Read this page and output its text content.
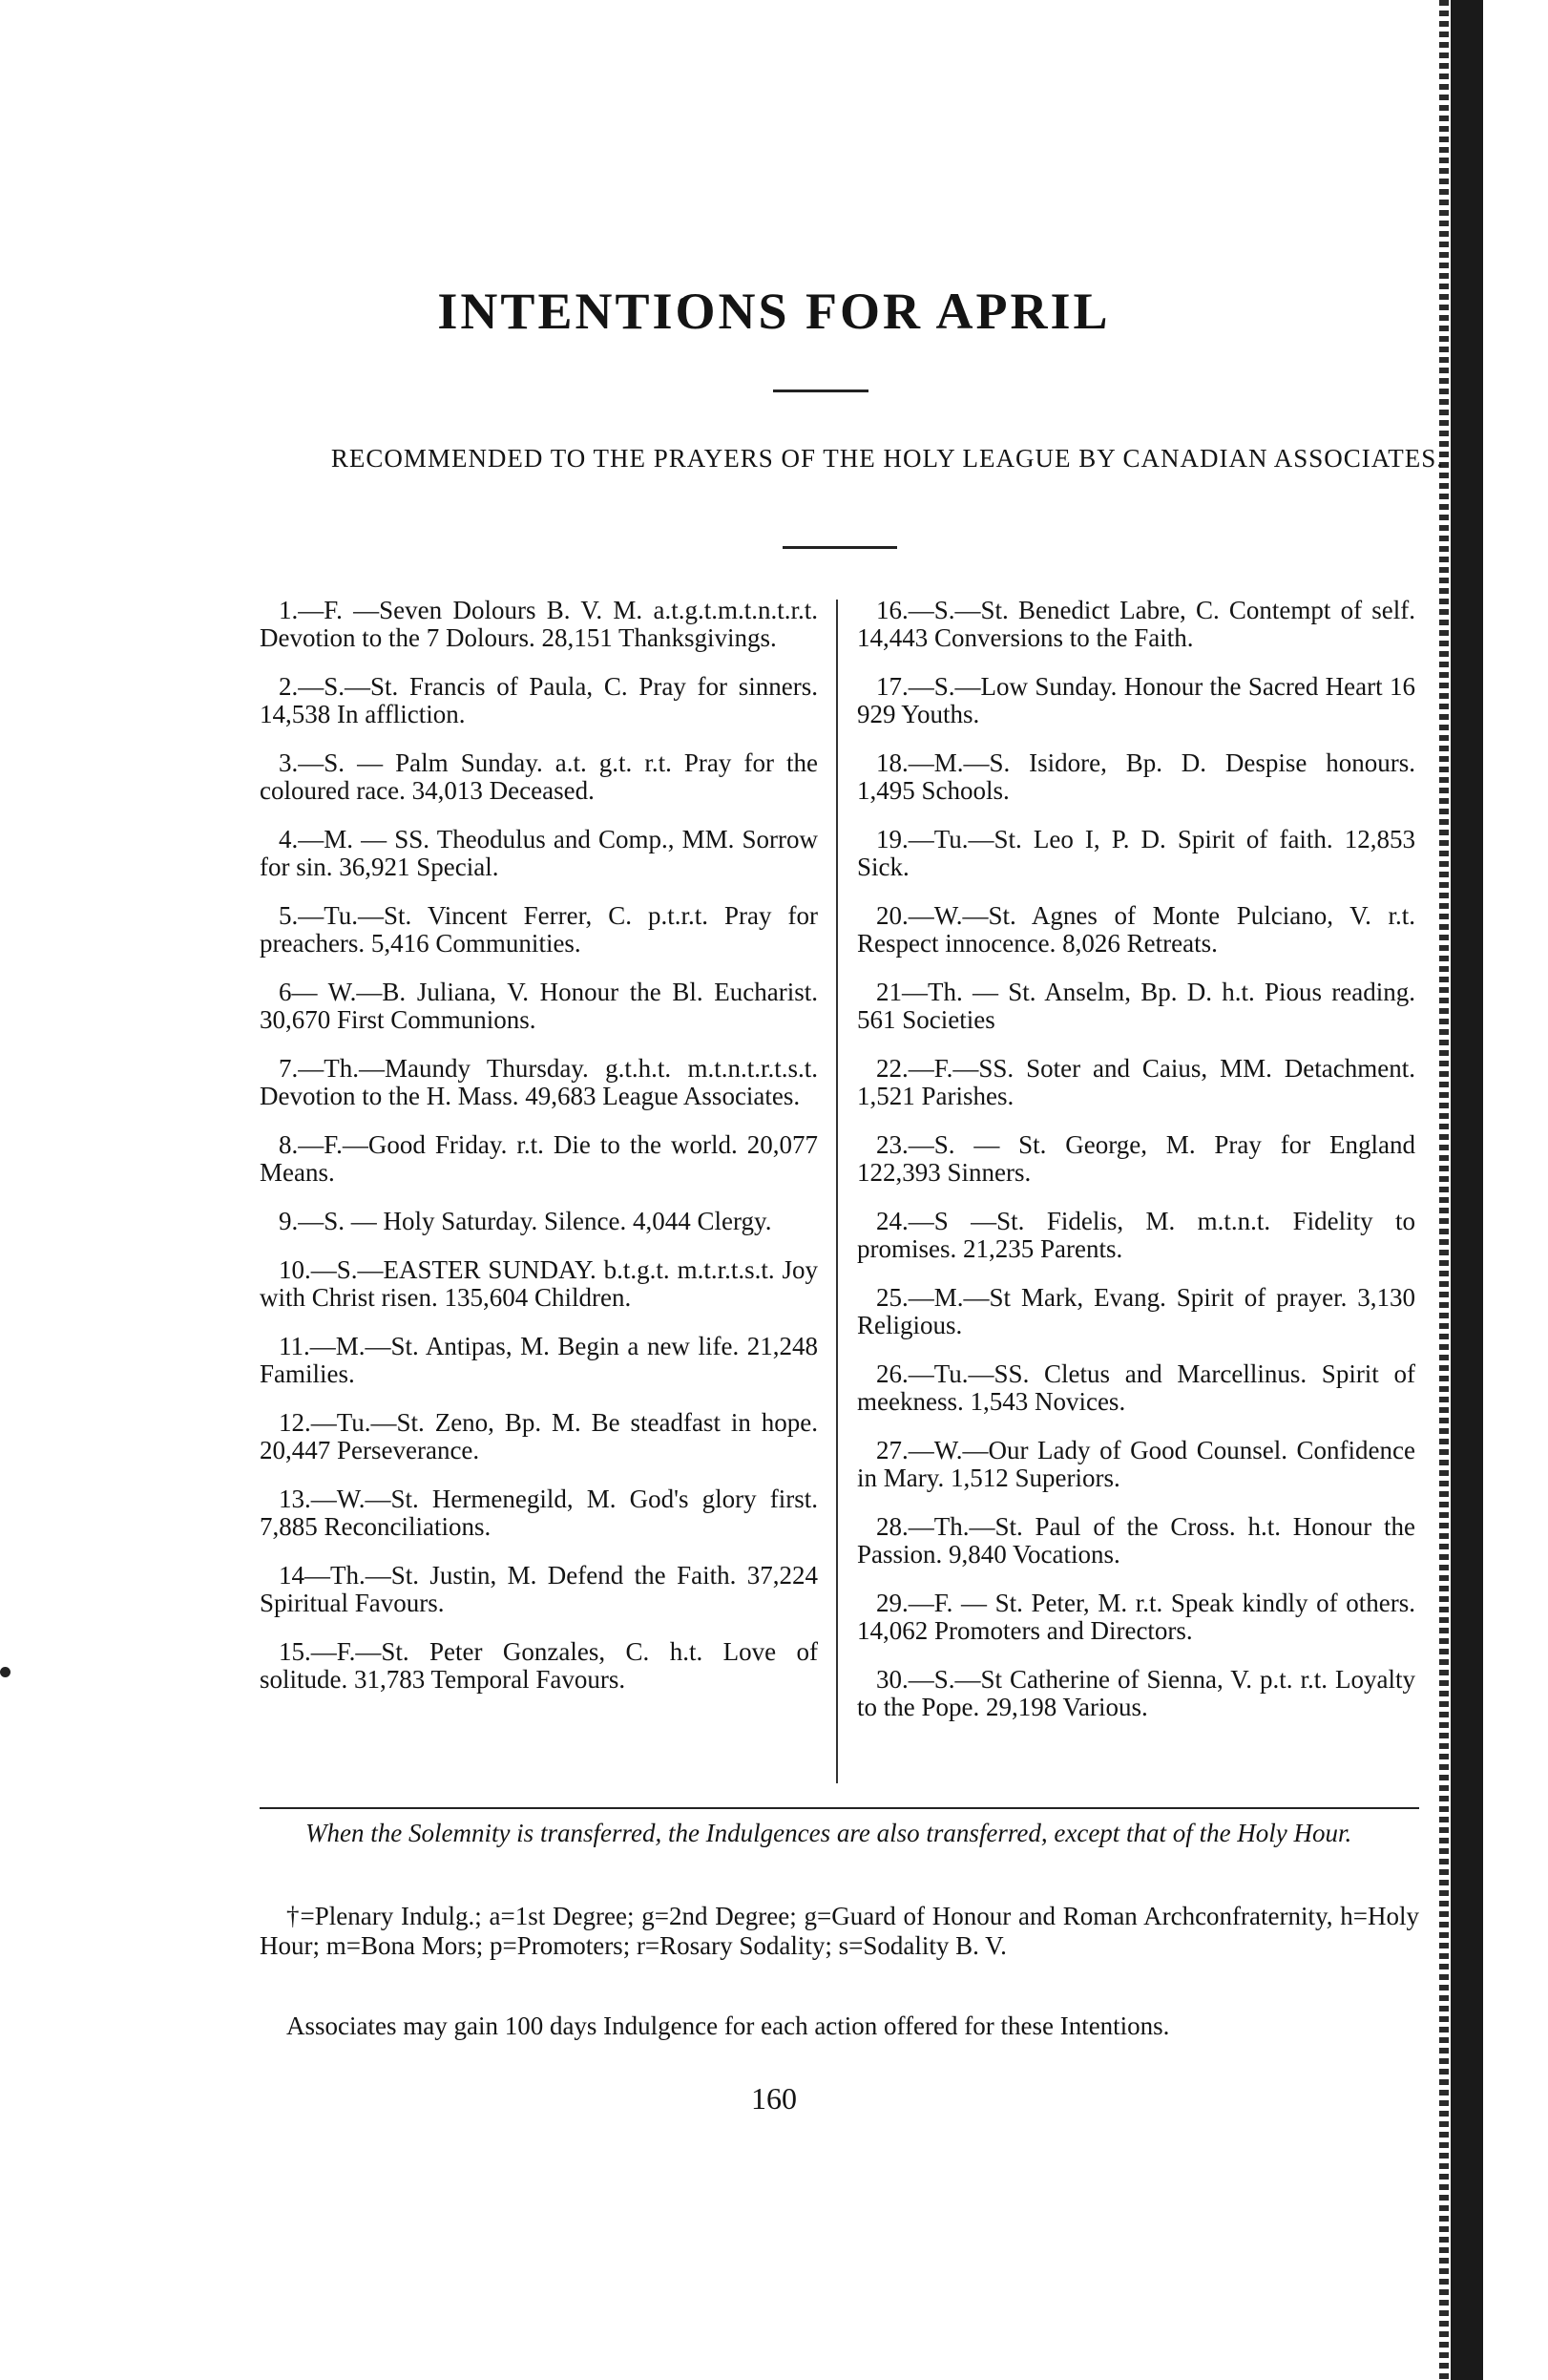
INTENTIONS FOR APRIL
RECOMMENDED TO THE PRAYERS OF THE HOLY LEAGUE BY CANADIAN ASSOCIATES.

1.—F. —Seven Dolours B. V. M. a.t.g.t.m.t.n.t.r.t. Devotion to the 7 Dolours. 28,151 Thanksgivings.

2.—S.—St. Francis of Paula, C. Pray for sinners. 14,538 In affliction.

3.—S. — Palm Sunday. a.t. g.t. r.t. Pray for the coloured race. 34,013 Deceased.

4.—M. — SS. Theodulus and Comp., MM. Sorrow for sin. 36,921 Special.

5.—Tu.—St. Vincent Ferrer, C. p.t.r.t. Pray for preachers. 5,416 Communities.

6— W.—B. Juliana, V. Honour the Bl. Eucharist. 30,670 First Communions.

7.—Th.—Maundy Thursday. g.t.h.t. m.t.n.t.r.t.s.t. Devotion to the H. Mass. 49,683 League Associates.

8.—F.—Good Friday. r.t. Die to the world. 20,077 Means.

9.—S. — Holy Saturday. Silence. 4,044 Clergy.

10.—S.—EASTER SUNDAY. b.t.g.t. m.t.r.t.s.t. Joy with Christ risen. 135,604 Children.

11.—M.—St. Antipas, M. Begin a new life. 21,248 Families.

12.—Tu.—St. Zeno, Bp. M. Be steadfast in hope. 20,447 Perseverance.

13.—W.—St. Hermenegild, M. God's glory first. 7,885 Reconciliations.

14—Th.—St. Justin, M. Defend the Faith. 37,224 Spiritual Favours.

15.—F.—St. Peter Gonzales, C. h.t. Love of solitude. 31,783 Temporal Favours.

16.—S.—St. Benedict Labre, C. Contempt of self. 14,443 Conversions to the Faith.

17.—S.—Low Sunday. Honour the Sacred Heart 16 929 Youths.

18.—M.—S. Isidore, Bp. D. Despise honours. 1,495 Schools.

19.—Tu.—St. Leo I, P. D. Spirit of faith. 12,853 Sick.

20.—W.—St. Agnes of Monte Pulciano, V. r.t. Respect innocence. 8,026 Retreats.

21—Th. — St. Anselm, Bp. D. h.t. Pious reading. 561 Societies

22.—F.—SS. Soter and Caius, MM. Detachment. 1,521 Parishes.

23.—S. — St. George, M. Pray for England 122,393 Sinners.

24.—S —St. Fidelis, M. m.t.n.t. Fidelity to promises. 21,235 Parents.

25.—M.—St Mark, Evang. Spirit of prayer. 3,130 Religious.

26.—Tu.—SS. Cletus and Marcellinus. Spirit of meekness. 1,543 Novices.

27.—W.—Our Lady of Good Counsel. Confidence in Mary. 1,512 Superiors.

28.—Th.—St. Paul of the Cross. h.t. Honour the Passion. 9,840 Vocations.

29.—F. — St. Peter, M. r.t. Speak kindly of others. 14,062 Promoters and Directors.

30.—S.—St Catherine of Sienna, V. p.t. r.t. Loyalty to the Pope. 29,198 Various.

When the Solemnity is transferred, the Indulgences are also transferred, except that of the Holy Hour.

†=Plenary Indulg.; a=1st Degree; g=2nd Degree; g=Guard of Honour and Roman Archconfraternity, h=Holy Hour; m=Bona Mors; p=Promoters; r=Rosary Sodality; s=Sodality B. V.

Associates may gain 100 days Indulgence for each action offered for these Intentions.

160
